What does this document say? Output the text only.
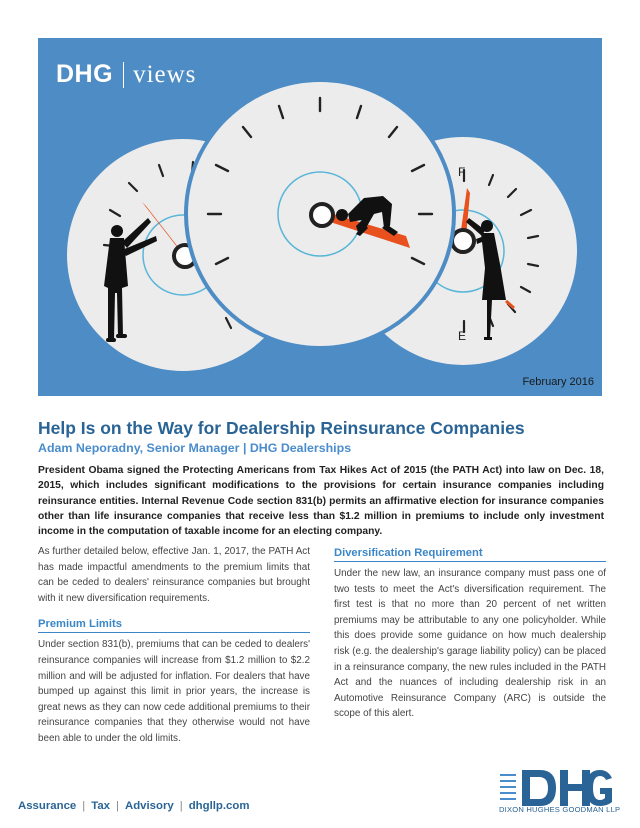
F
E
DHG views
February 2016
Help Is on the Way for Dealership Reinsurance Companies
Adam Neporadny, Senior Manager | DHG Dealerships

President Obama signed the Protecting Americans from Tax Hikes Act of 2015 (the PATH Act) into law on Dec. 18, 2015, which includes significant modifications to the provisions for certain insurance companies including reinsurance entities. Internal Revenue Code section 831(b) permits an affirmative election for insurance companies other than life insurance companies that receive less than $1.2 million in premiums to include only investment income in the computation of taxable income for an electing company.

As further detailed below, effective Jan. 1, 2017, the PATH Act has made impactful amendments to the premium limits that can be ceded to dealers' reinsurance companies but brought with it new diversification requirements.

Premium Limits

Under section 831(b), premiums that can be ceded to dealers' reinsurance companies will increase from $1.2 million to $2.2 million and will be adjusted for inflation. For dealers that have bumped up against this limit in prior years, the increase is great news as they can now cede additional premiums to their reinsurance companies that they otherwise would not have been able to under the old limits.

Diversification Requirement

Under the new law, an insurance company must pass one of two tests to meet the Act's diversification requirement. The first test is that no more than 20 percent of net written premiums may be attributable to any one policyholder. While this does provide some guidance on how much dealership risk (e.g. the dealership's garage liability policy) can be placed in a reinsurance company, the new rules included in the PATH Act and the nuances of including dealership risk in an Automotive Reinsurance Company (ARC) is outside the scope of this alert.

Assurance | Tax | Advisory | dhgllp.com	DIXON HUGHES GOODMAN LLP
